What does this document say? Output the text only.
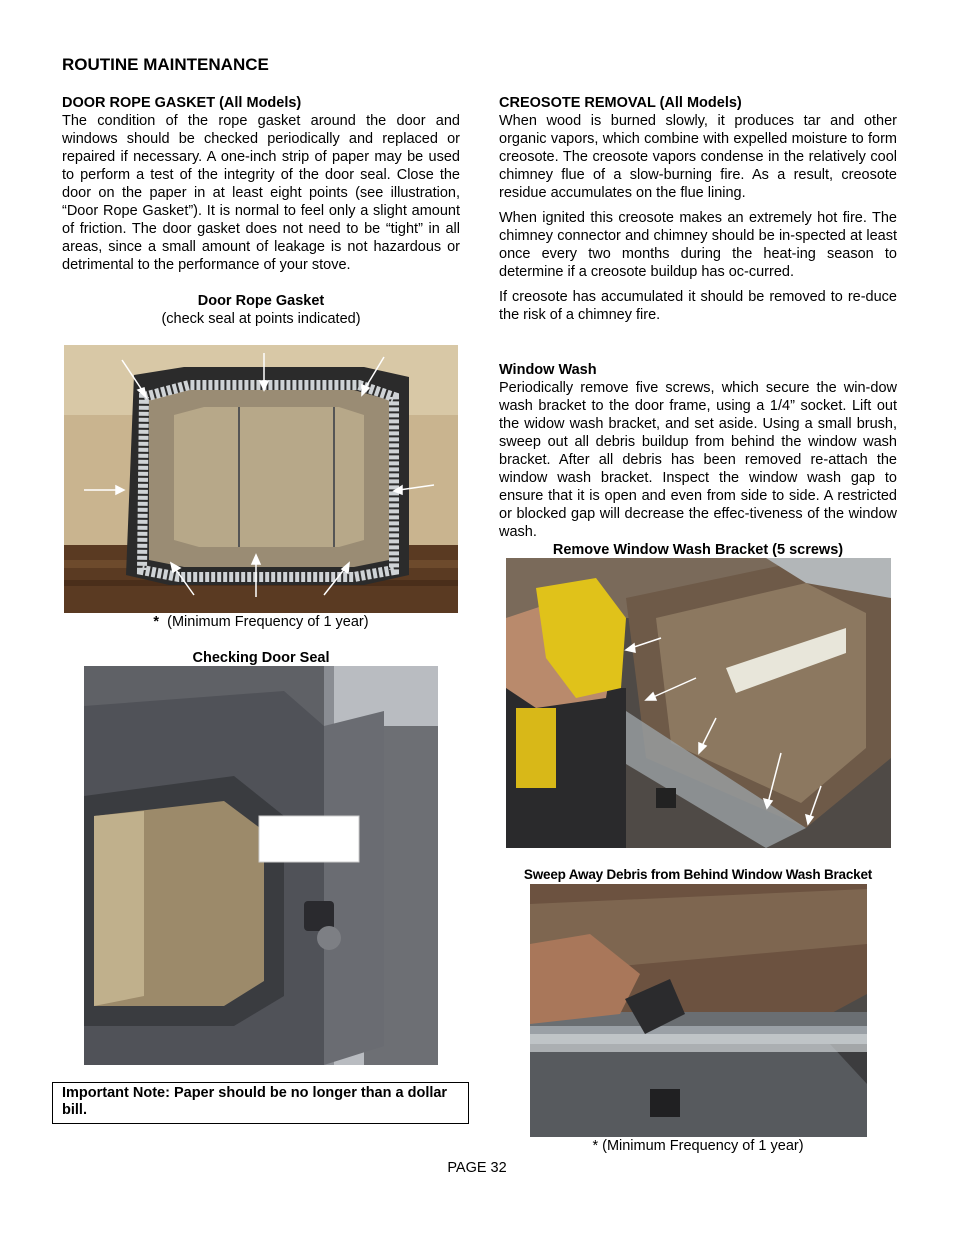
ROUTINE MAINTENANCE
DOOR ROPE GASKET (All Models)
The condition of the rope gasket around the door and windows should be checked periodically and replaced or repaired if necessary. A one-inch strip of paper may be used to perform a test of the integrity of the door seal. Close the door on the paper in at least eight points (see illustration, “Door Rope Gasket”). It is normal to feel only a slight amount of friction. The door gasket does not need to be “tight” in all areas, since a small amount of leakage is not hazardous or detrimental to the performance of your stove.
Door Rope Gasket
(check seal at points indicated)
* (Minimum Frequency of 1 year)
Checking Door Seal
Important Note: Paper should be no longer than a dollar bill.
CREOSOTE REMOVAL (All Models)

When wood is burned slowly, it produces tar and other organic vapors, which combine with expelled moisture to form creosote. The creosote vapors condense in the relatively cool chimney flue of a slow-burning fire. As a result, creosote residue accumulates on the flue lining.

When ignited this creosote makes an extremely hot fire. The chimney connector and chimney should be in-spected at least once every two months during the heat-ing season to determine if a creosote buildup has oc-curred.

If creosote has accumulated it should be removed to re-duce the risk of a chimney fire.

Window Wash
Periodically remove five screws, which secure the win-dow wash bracket to the door frame, using a 1/4” socket. Lift out the widow wash bracket, and set aside. Using a small brush, sweep out all debris buildup from behind the window wash bracket. After all debris has been removed re-attach the window wash bracket. Inspect the window wash gap to ensure that it is open and even from side to side. A restricted or blocked gap will decrease the effec-tiveness of the window wash.
Remove Window Wash Bracket (5 screws)
Sweep Away Debris from Behind Window Wash Bracket
* (Minimum Frequency of 1 year)
PAGE 32
